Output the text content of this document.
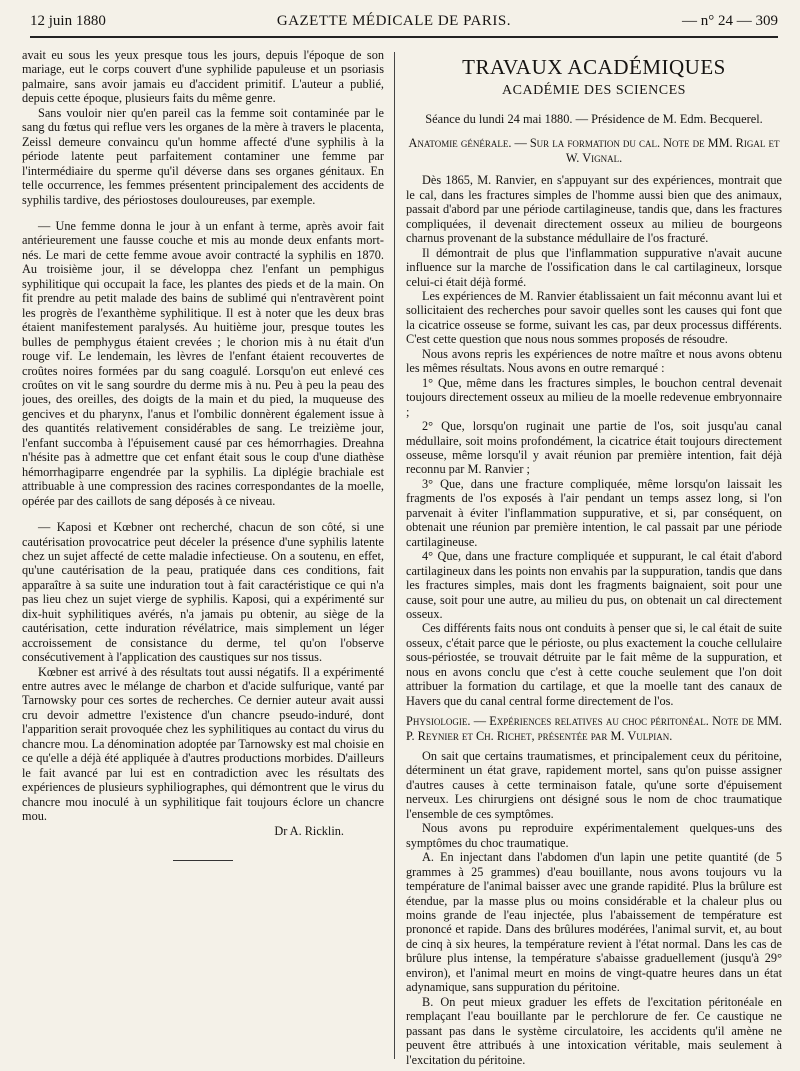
12 juin 1880	GAZETTE MÉDICALE DE PARIS.	— n° 24 — 309

avait eu sous les yeux presque tous les jours, depuis l'époque de son mariage, eut le corps couvert d'une syphilide papuleuse et un psoriasis palmaire, sans avoir jamais eu d'accident primitif. L'auteur a publié, depuis cette époque, plusieurs faits du même genre.

Sans vouloir nier qu'en pareil cas la femme soit contaminée par le sang du fœtus qui reflue vers les organes de la mère à travers le placenta, Zeissl demeure convaincu qu'un homme affecté d'une syphilis à la période latente peut parfaitement contaminer une femme par l'intermédiaire du sperme qu'il déverse dans ses organes génitaux. En telle occurrence, les femmes présentent principalement des accidents de syphilis tardive, des périostoses douloureuses, par exemple.

— Une femme donna le jour à un enfant à terme, après avoir fait antérieurement une fausse couche et mis au monde deux enfants mort-nés. Le mari de cette femme avoue avoir contracté la syphilis en 1870. Au troisième jour, il se développa chez l'enfant un pemphigus syphilitique qui occupait la face, les plantes des pieds et de la main. On fit prendre au petit malade des bains de sublimé qui n'entravèrent point les progrès de l'exanthème syphilitique. Il est à noter que les deux bras étaient manifestement paralysés. Au huitième jour, presque toutes les bulles de pemphygus étaient crevées ; le chorion mis à nu était d'un rouge vif. Le lendemain, les lèvres de l'enfant étaient recouvertes de croûtes noires formées par du sang coagulé. Lorsqu'on eut enlevé ces croûtes on vit le sang sourdre du derme mis à nu. Peu à peu la peau des joues, des oreilles, des doigts de la main et du pied, la muqueuse des gencives et du pharynx, l'anus et l'ombilic donnèrent également issue à des quantités relativement considérables de sang. Le treizième jour, l'enfant succomba à l'épuisement causé par ces hémorrhagies. Dreahna n'hésite pas à admettre que cet enfant était sous le coup d'une diathèse hémorrhagiparre engendrée par la syphilis. La diplégie brachiale est attribuable à une compression des racines correspondantes de la moelle, opérée par des caillots de sang déposés à ce niveau.

— Kaposi et Kœbner ont recherché, chacun de son côté, si une cautérisation provocatrice peut déceler la présence d'une syphilis latente chez un sujet affecté de cette maladie infectieuse. On a soutenu, en effet, qu'une cautérisation de la peau, pratiquée dans ces conditions, fait apparaître à sa suite une induration tout à fait caractéristique ce qui n'a pas lieu chez un sujet vierge de syphilis. Kaposi, qui a expérimenté sur dix-huit syphilitiques avérés, n'a jamais pu obtenir, au siège de la cautérisation, cette induration révélatrice, mais simplement un léger accroissement de consistance du derme, tel qu'on l'observe consécutivement à l'application des caustiques sur nos tissus.

Kœbner est arrivé à des résultats tout aussi négatifs. Il a expérimenté entre autres avec le mélange de charbon et d'acide sulfurique, vanté par Tarnowsky pour ces sortes de recherches. Ce dernier auteur avait aussi cru devoir admettre l'existence d'un chancre pseudo-induré, dont l'apparition serait provoquée chez les syphilitiques au contact du virus du chancre mou. La dénomination adoptée par Tarnowsky est mal choisie en ce qu'elle a déjà été appliquée à d'autres productions morbides. D'ailleurs le fait avancé par lui est en contradiction avec les résultats des expériences de plusieurs syphiliographes, qui démontrent que le virus du chancre mou inoculé à un syphilitique fait toujours éclore un chancre mou.

Dr A. Ricklin.

TRAVAUX ACADÉMIQUES
ACADÉMIE DES SCIENCES

Séance du lundi 24 mai 1880. — Présidence de M. Edm. Becquerel.

Anatomie générale. — Sur la formation du cal. Note de MM. Rigal et W. Vignal.

Dès 1865, M. Ranvier, en s'appuyant sur des expériences, montrait que le cal, dans les fractures simples de l'homme aussi bien que des animaux, passait d'abord par une période cartilagineuse, tandis que, dans les fractures compliquées, il devenait directement osseux au milieu de bourgeons charnus provenant de la substance médullaire de l'os fracturé.

Il démontrait de plus que l'inflammation suppurative n'avait aucune influence sur la marche de l'ossification dans le cal cartilagineux, lorsque celui-ci était déjà formé.

Les expériences de M. Ranvier établissaient un fait méconnu avant lui et sollicitaient des recherches pour savoir quelles sont les causes qui font que la cicatrice osseuse se forme, suivant les cas, par deux processus différents. C'est cette question que nous nous sommes proposés de résoudre.

Nous avons repris les expériences de notre maître et nous avons obtenu les mêmes résultats. Nous avons en outre remarqué :

1° Que, même dans les fractures simples, le bouchon central devenait toujours directement osseux au milieu de la moelle redevenue embryonnaire ;

2° Que, lorsqu'on ruginait une partie de l'os, soit jusqu'au canal médullaire, soit moins profondément, la cicatrice était toujours directement osseuse, même lorsqu'il y avait réunion par première intention, fait déjà reconnu par M. Ranvier ;

3° Que, dans une fracture compliquée, même lorsqu'on laissait les fragments de l'os exposés à l'air pendant un temps assez long, si l'on parvenait à éviter l'inflammation suppurative, et si, par conséquent, on obtenait une réunion par première intention, le cal passait par une période cartilagineuse.

4° Que, dans une fracture compliquée et suppurant, le cal était d'abord cartilagineux dans les points non envahis par la suppuration, tandis que dans les fractures simples, mais dont les fragments baignaient, soit pour une cause, soit pour une autre, au milieu du pus, on obtenait un cal directement osseux.

Ces différents faits nous ont conduits à penser que si, le cal était de suite osseux, c'était parce que le périoste, ou plus exactement la couche cellulaire sous-périostée, se trouvait détruite par le fait même de la suppuration, et nous en avons conclu que c'est à cette couche seulement que l'on doit attribuer la formation du cartilage, et que la moelle tant des canaux de Havers que du canal central forme directement de l'os.

Physiologie. — Expériences relatives au choc péritonéal. Note de MM. P. Reynier et Ch. Richet, présentée par M. Vulpian.

On sait que certains traumatismes, et principalement ceux du péritoine, déterminent un état grave, rapidement mortel, sans qu'on puisse assigner d'autres causes à cette terminaison fatale, qu'une sorte d'épuisement nerveux. Les chirurgiens ont désigné sous le nom de choc traumatique l'ensemble de ces symptômes.

Nous avons pu reproduire expérimentalement quelques-uns des symptômes du choc traumatique.

A. En injectant dans l'abdomen d'un lapin une petite quantité (de 5 grammes à 25 grammes) d'eau bouillante, nous avons toujours vu la température de l'animal baisser avec une grande rapidité. Plus la brûlure est étendue, par la masse plus ou moins considérable et la chaleur plus ou moins grande de l'eau injectée, plus l'abaissement de température est prononcé et rapide. Dans des brûlures modérées, l'animal survit, et, au bout de cinq à six heures, la température revient à l'état normal. Dans les cas de brûlure plus intense, la température s'abaisse graduellement (jusqu'à 29° environ), et l'animal meurt en moins de vingt-quatre heures dans un état adynamique, sans suppuration du péritoine.

B. On peut mieux graduer les effets de l'excitation péritonéale en remplaçant l'eau bouillante par le perchlorure de fer. Ce caustique ne passant pas dans le système circulatoire, les accidents qu'il amène ne peuvent être attribués à une intoxication véritable, mais seulement à l'excitation du péritoine.
